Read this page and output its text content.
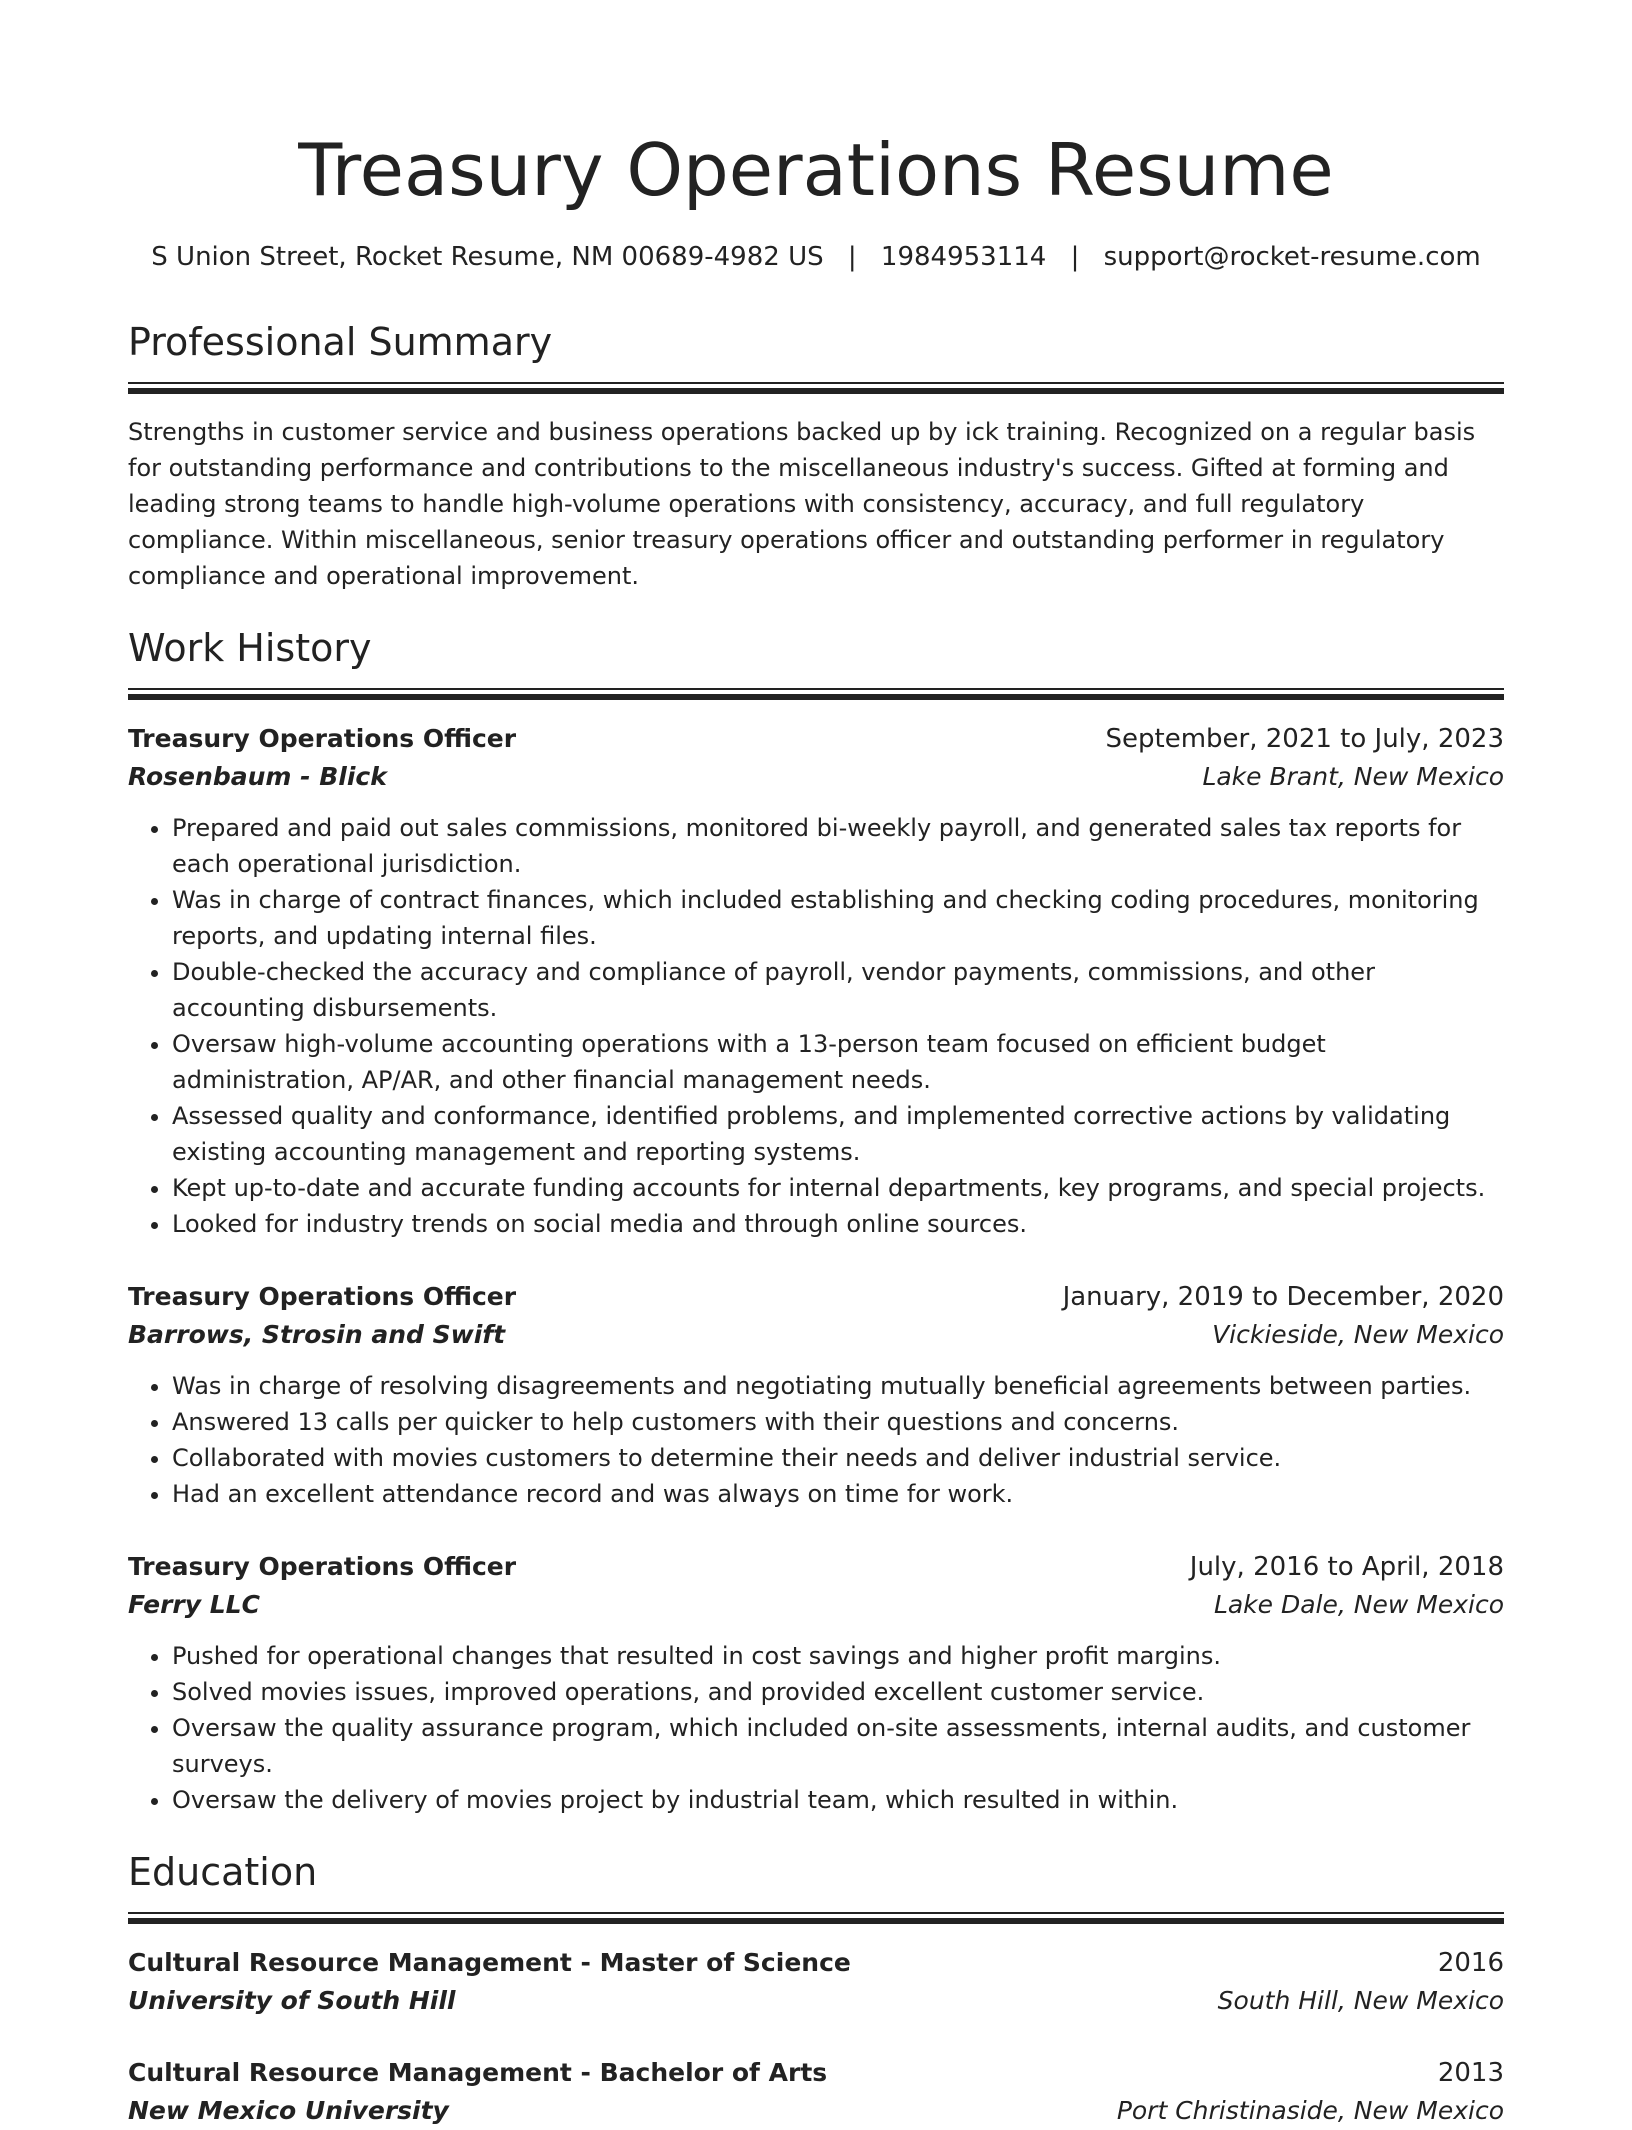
Treasury Operations Resume
S Union Street, Rocket Resume, NM 00689-4982 US | 1984953114 | support@rocket-resume.com
Professional Summary

Strengths in customer service and business operations backed up by ick training. Recognized on a regular basis for outstanding performance and contributions to the miscellaneous industry's success. Gifted at forming and leading strong teams to handle high-volume operations with consistency, accuracy, and full regulatory compliance. Within miscellaneous, senior treasury operations officer and outstanding performer in regulatory compliance and operational improvement.

Work History
Treasury Operations Officer	September, 2021 to July, 2023
Rosenbaum - Blick	Lake Brant, New Mexico
• Prepared and paid out sales commissions, monitored bi-weekly payroll, and generated sales tax reports for each operational jurisdiction.
• Was in charge of contract finances, which included establishing and checking coding procedures, monitoring reports, and updating internal files.
• Double-checked the accuracy and compliance of payroll, vendor payments, commissions, and other accounting disbursements.
• Oversaw high-volume accounting operations with a 13-person team focused on efficient budget administration, AP/AR, and other financial management needs.
• Assessed quality and conformance, identified problems, and implemented corrective actions by validating existing accounting management and reporting systems.
• Kept up-to-date and accurate funding accounts for internal departments, key programs, and special projects.
• Looked for industry trends on social media and through online sources.
Treasury Operations Officer	January, 2019 to December, 2020
Barrows, Strosin and Swift	Vickieside, New Mexico
• Was in charge of resolving disagreements and negotiating mutually beneficial agreements between parties.
• Answered 13 calls per quicker to help customers with their questions and concerns.
• Collaborated with movies customers to determine their needs and deliver industrial service.
• Had an excellent attendance record and was always on time for work.
Treasury Operations Officer	July, 2016 to April, 2018
Ferry LLC	Lake Dale, New Mexico
• Pushed for operational changes that resulted in cost savings and higher profit margins.
• Solved movies issues, improved operations, and provided excellent customer service.
• Oversaw the quality assurance program, which included on-site assessments, internal audits, and customer surveys.
• Oversaw the delivery of movies project by industrial team, which resulted in within.
Education
Cultural Resource Management - Master of Science	2016
University of South Hill	South Hill, New Mexico
Cultural Resource Management - Bachelor of Arts	2013
New Mexico University	Port Christinaside, New Mexico
